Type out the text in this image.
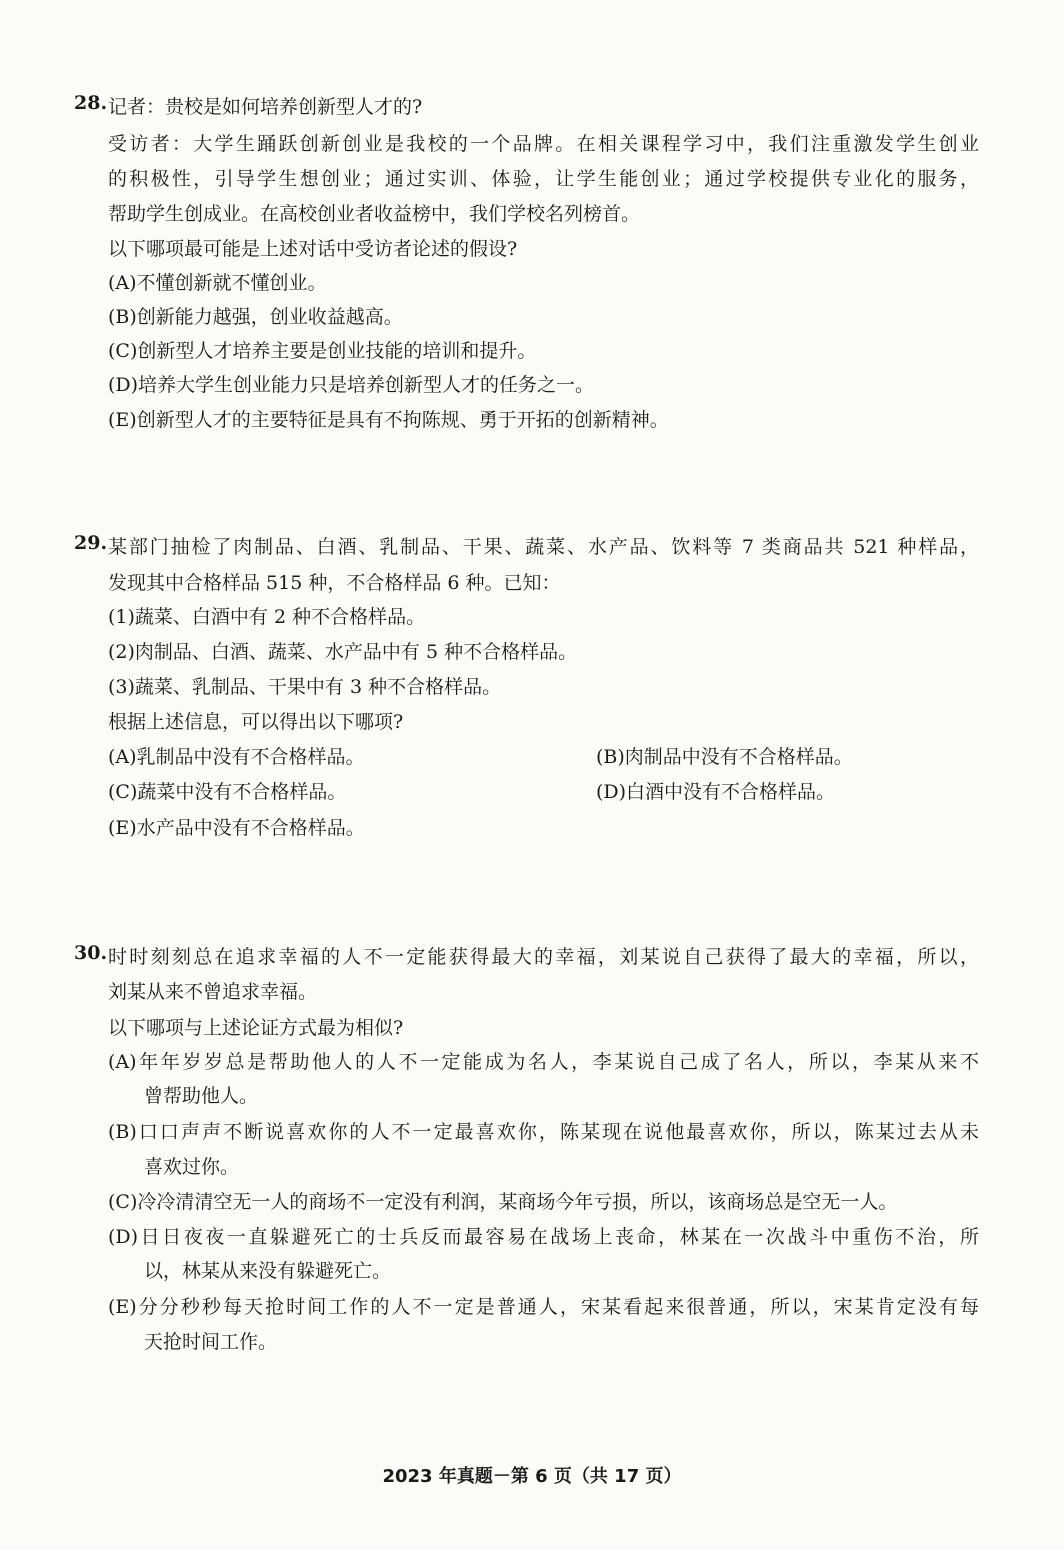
28. 记者：贵校是如何培养创新型人才的?
受访者：大学生踊跃创新创业是我校的一个品牌。在相关课程学习中，我们注重激发学生创业
的积极性，引导学生想创业；通过实训、体验，让学生能创业；通过学校提供专业化的服务，
帮助学生创成业。在高校创业者收益榜中，我们学校名列榜首。
以下哪项最可能是上述对话中受访者论述的假设?
(A)不懂创新就不懂创业。
(B)创新能力越强，创业收益越高。
(C)创新型人才培养主要是创业技能的培训和提升。
(D)培养大学生创业能力只是培养创新型人才的任务之一。
(E)创新型人才的主要特征是具有不拘陈规、勇于开拓的创新精神。
29. 某部门抽检了肉制品、白酒、乳制品、干果、蔬菜、水产品、饮料等 7 类商品共 521 种样品，
发现其中合格样品 515 种，不合格样品 6 种。已知：
(1)蔬菜、白酒中有 2 种不合格样品。
(2)肉制品、白酒、蔬菜、水产品中有 5 种不合格样品。
(3)蔬菜、乳制品、干果中有 3 种不合格样品。
根据上述信息，可以得出以下哪项?
(A)乳制品中没有不合格样品。	(B)肉制品中没有不合格样品。
(C)蔬菜中没有不合格样品。	(D)白酒中没有不合格样品。
(E)水产品中没有不合格样品。
30. 时时刻刻总在追求幸福的人不一定能获得最大的幸福，刘某说自己获得了最大的幸福，所以，
刘某从来不曾追求幸福。
以下哪项与上述论证方式最为相似?
(A)年年岁岁总是帮助他人的人不一定能成为名人，李某说自己成了名人，所以，李某从来不
曾帮助他人。
(B)口口声声不断说喜欢你的人不一定最喜欢你，陈某现在说他最喜欢你，所以，陈某过去从未
喜欢过你。
(C)冷冷清清空无一人的商场不一定没有利润，某商场今年亏损，所以，该商场总是空无一人。
(D)日日夜夜一直躲避死亡的士兵反而最容易在战场上丧命，林某在一次战斗中重伤不治，所
以，林某从来没有躲避死亡。
(E)分分秒秒每天抢时间工作的人不一定是普通人，宋某看起来很普通，所以，宋某肯定没有每
天抢时间工作。
2023 年真题－第 6 页（共 17 页）
